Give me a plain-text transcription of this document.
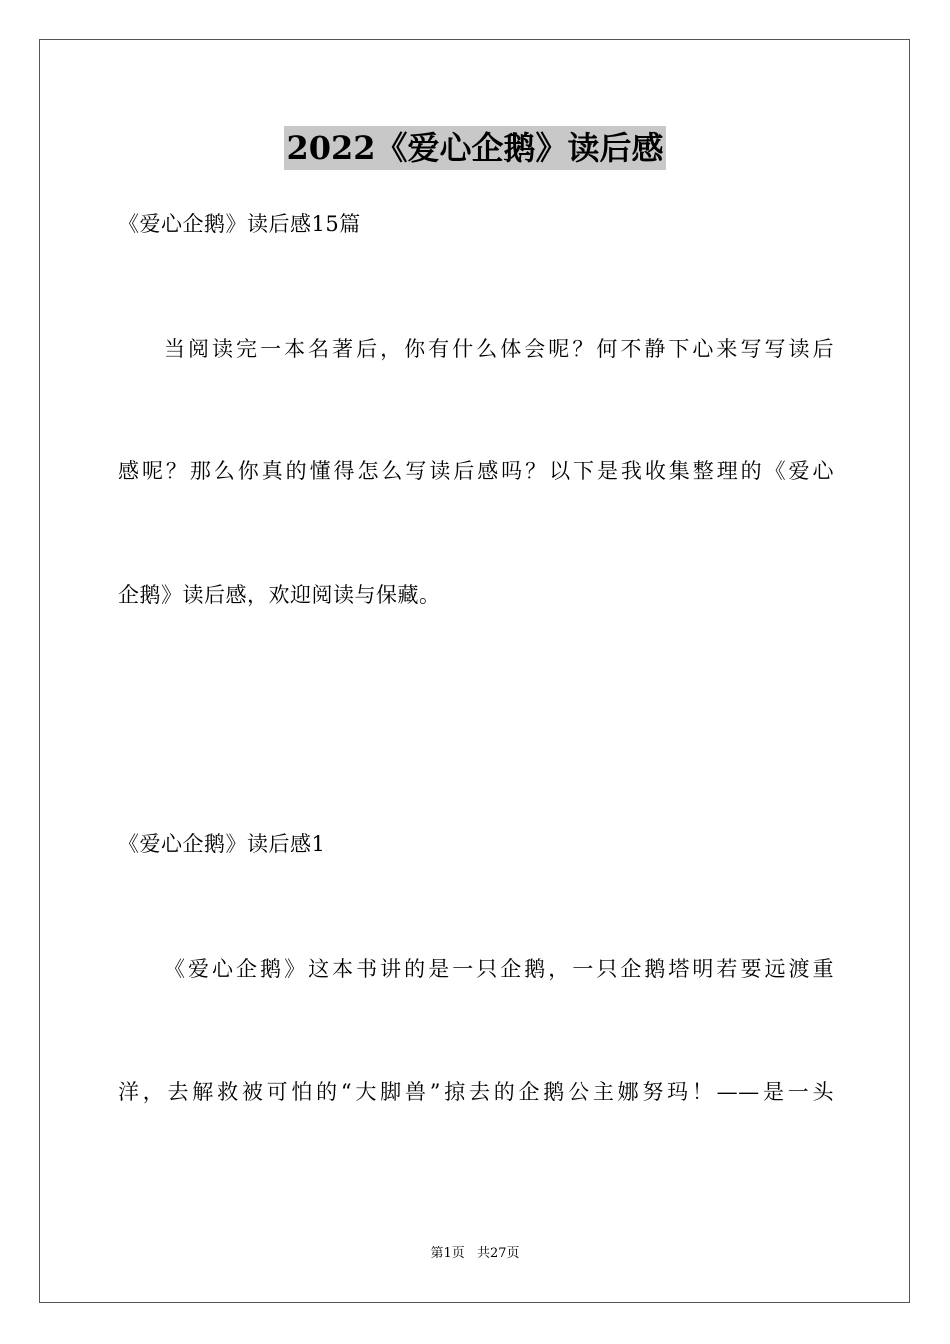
2022《爱心企鹅》读后感
《爱心企鹅》读后感15篇
当阅读完一本名著后，你有什么体会呢？何不静下心来写写读后
感呢？那么你真的懂得怎么写读后感吗？以下是我收集整理的《爱心
企鹅》读后感，欢迎阅读与保藏。
《爱心企鹅》读后感1
《爱心企鹅》这本书讲的是一只企鹅，一只企鹅塔明若要远渡重
洋，去解救被可怕的“大脚兽”掠去的企鹅公主娜努玛！——是一头
第1页 共27页
